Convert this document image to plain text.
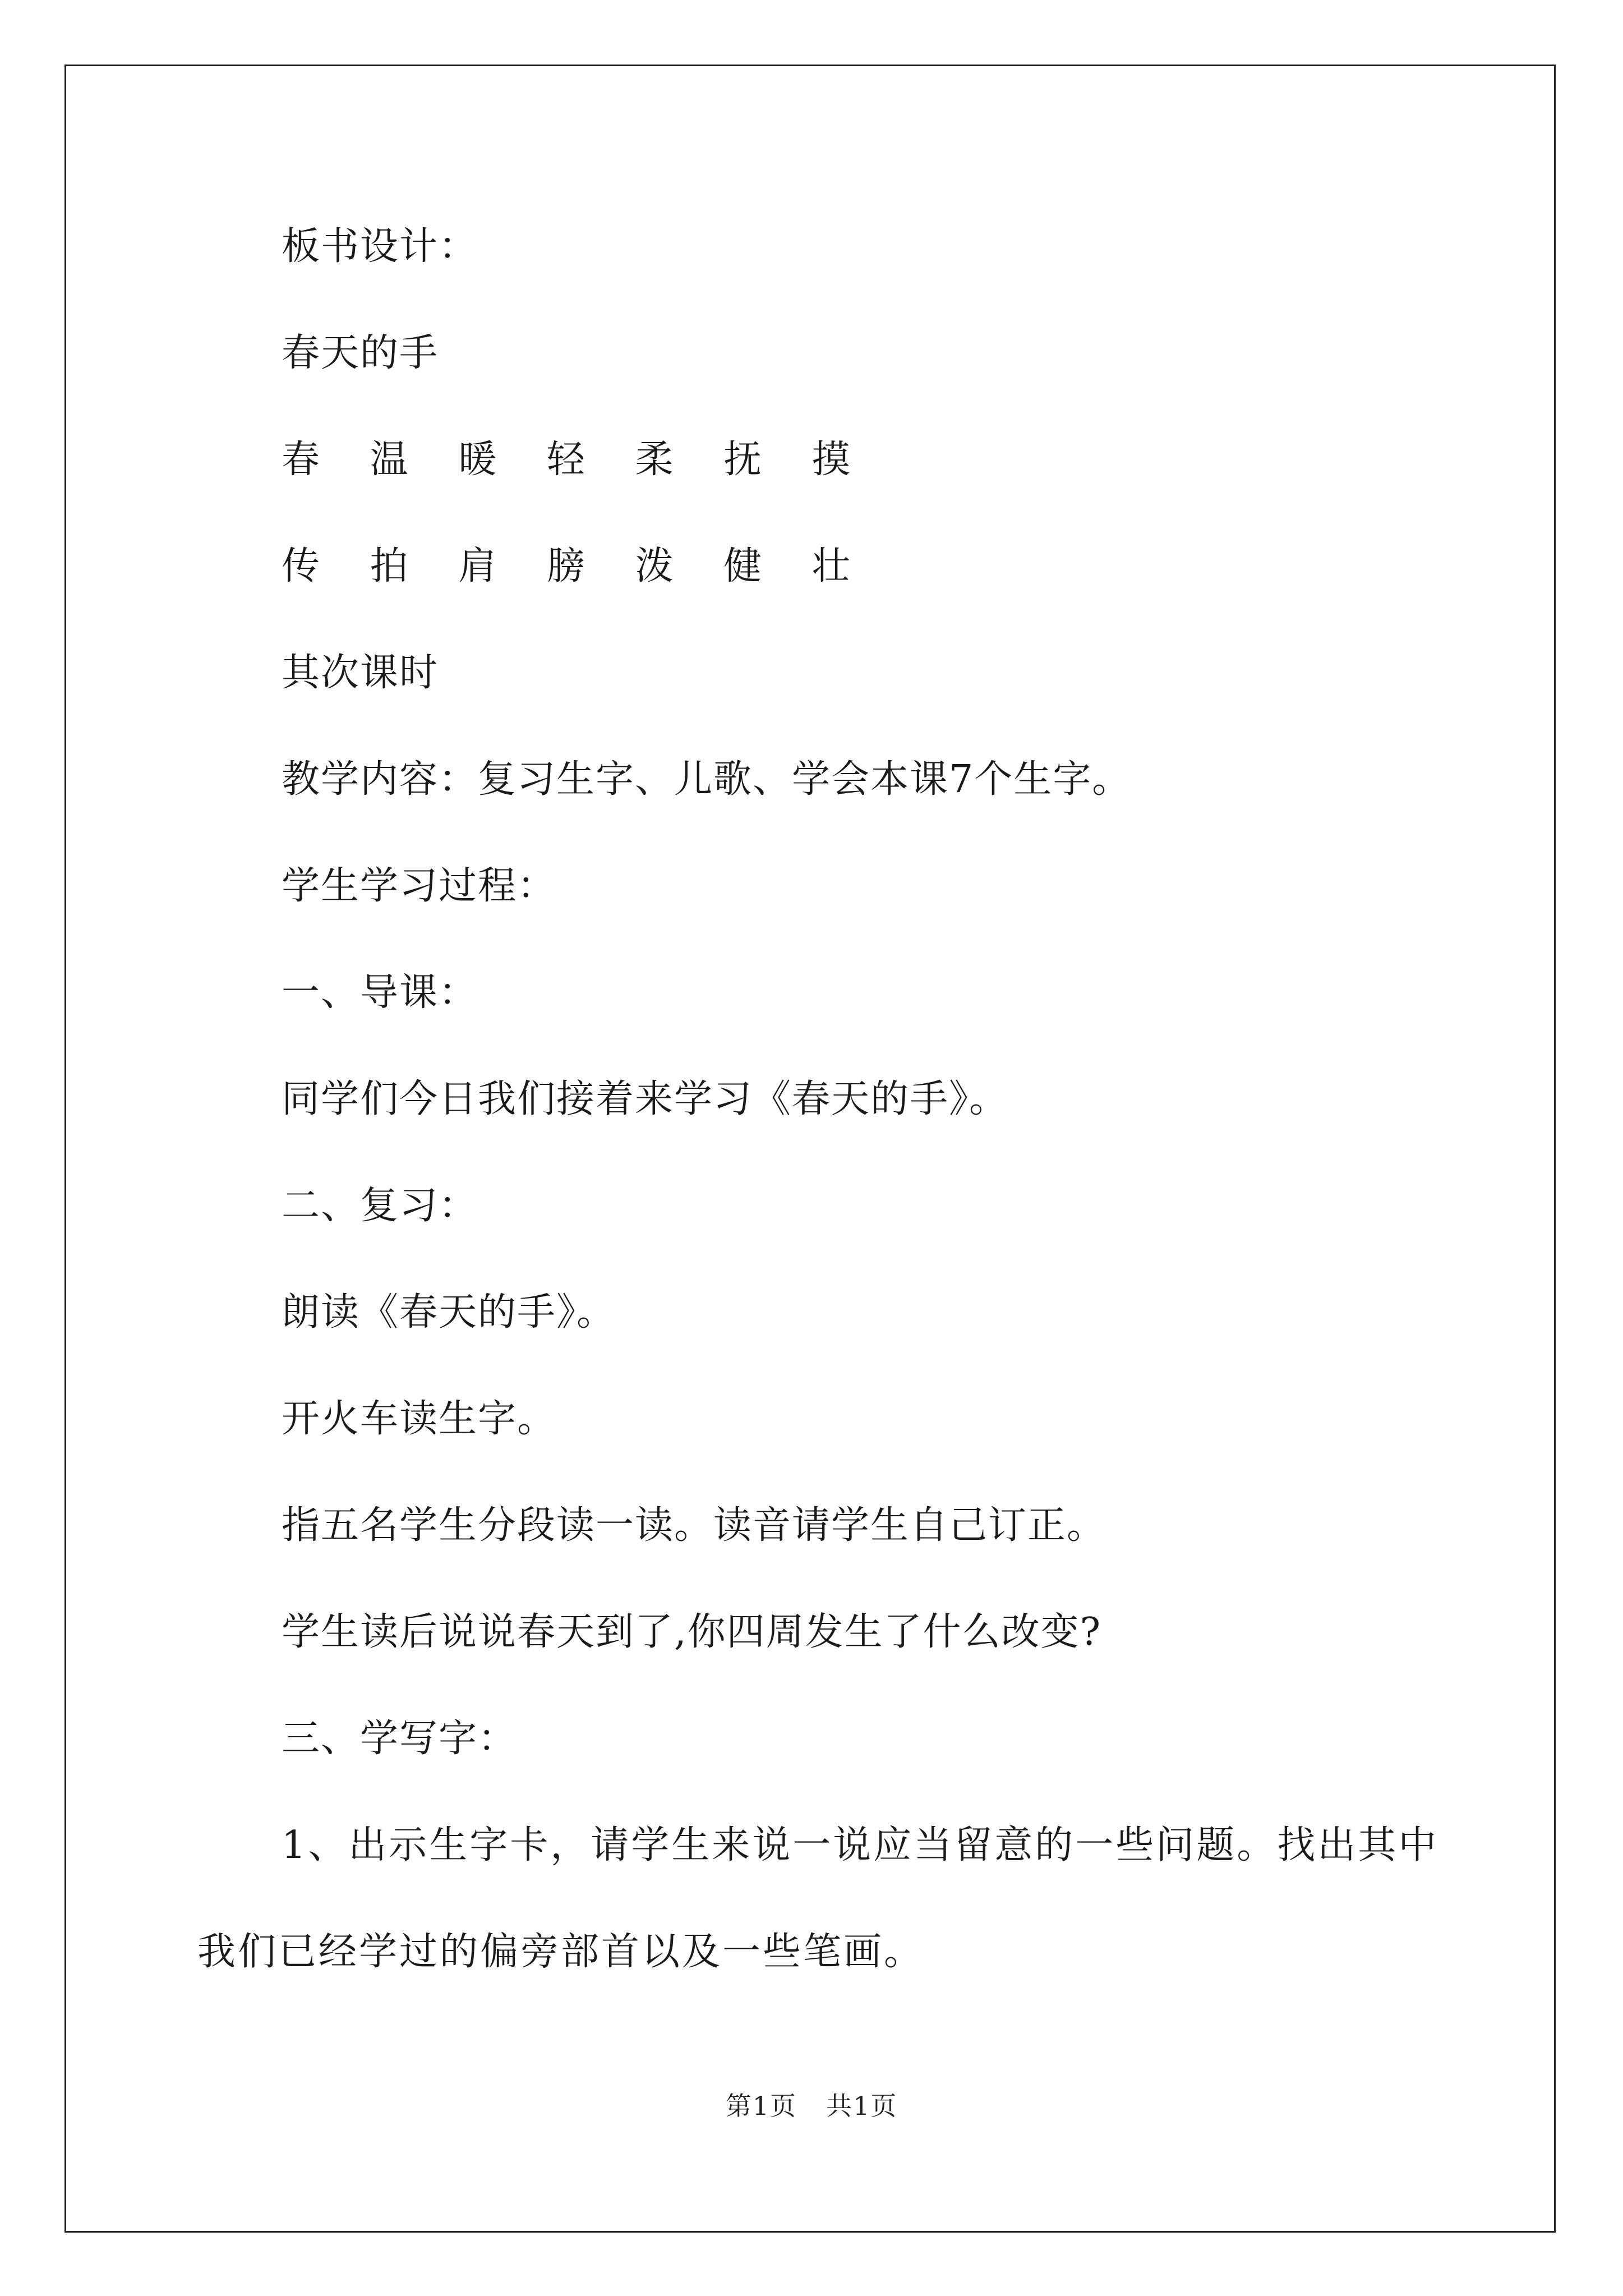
板书设计：
春天的手
春 温 暖 轻 柔 抚 摸
传 拍 肩 膀 泼 健 壮
其次课时
教学内容：复习生字、儿歌、学会本课7个生字。
学生学习过程：
一、导课：
同学们今日我们接着来学习《春天的手》。
二、复习：
朗读《春天的手》。
开火车读生字。
指五名学生分段读一读。读音请学生自己订正。
学生读后说说春天到了,你四周发生了什么改变?
三、学写字：
1、出示生字卡，请学生来说一说应当留意的一些问题。找出其中
我们已经学过的偏旁部首以及一些笔画。
第1页 共1页
